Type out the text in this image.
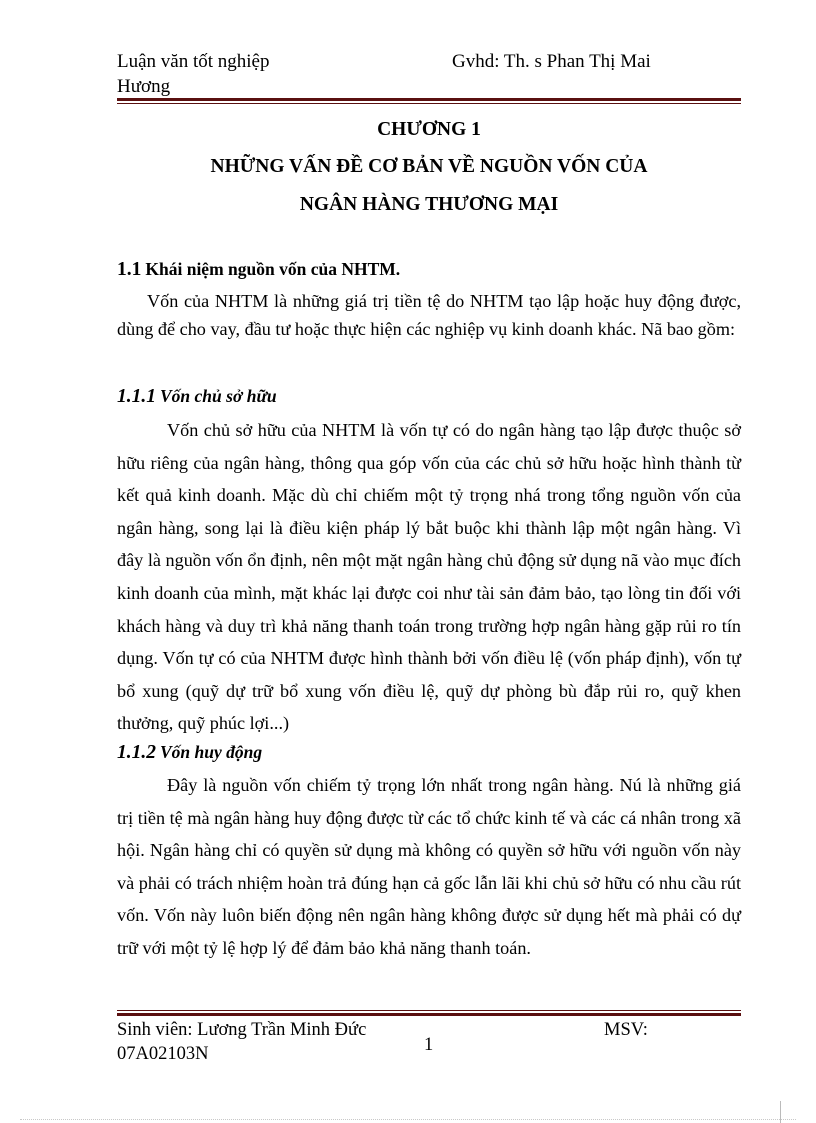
Luận văn tốt nghiệp	Gvhd: Th. s Phan Thị Mai
Hương
CHƯƠNG 1
NHỮNG VẤN ĐỀ CƠ BẢN VỀ NGUỒN VỐN CỦA
NGÂN HÀNG THƯƠNG MẠI
1.1 Khái niệm nguồn vốn của NHTM.

Vốn của NHTM là những giá trị tiền tệ do NHTM tạo lập hoặc huy động được, dùng để cho vay, đầu tư hoặc thực hiện các nghiệp vụ kinh doanh khác. Nã bao gồm:

1.1.1 Vốn chủ sở hữu

Vốn chủ sở hữu của NHTM là vốn tự có do ngân hàng tạo lập được thuộc sở hữu riêng của ngân hàng, thông qua góp vốn của các chủ sở hữu hoặc hình thành từ kết quả kinh doanh. Mặc dù chỉ chiếm một tỷ trọng nhá trong tổng nguồn vốn của ngân hàng, song lại là điều kiện pháp lý bắt buộc khi thành lập một ngân hàng. Vì đây là nguồn vốn ổn định, nên một mặt ngân hàng chủ động sử dụng nã vào mục đích kinh doanh của mình, mặt khác lại được coi như tài sản đảm bảo, tạo lòng tin đối với khách hàng và duy trì khả năng thanh toán trong trường hợp ngân hàng gặp rủi ro tín dụng. Vốn tự có của NHTM được hình thành bởi vốn điều lệ (vốn pháp định), vốn tự bổ xung (quỹ dự trữ bổ xung vốn điều lệ, quỹ dự phòng bù đắp rủi ro, quỹ khen thưởng, quỹ phúc lợi...)

1.1.2 Vốn huy động

Đây là nguồn vốn chiếm tỷ trọng lớn nhất trong ngân hàng. Nú là những giá trị tiền tệ mà ngân hàng huy động được từ các tổ chức kinh tế và các cá nhân trong xã hội. Ngân hàng chỉ có quyền sử dụng mà không có quyền sở hữu với nguồn vốn này và phải có trách nhiệm hoàn trả đúng hạn cả gốc lẫn lãi khi chủ sở hữu có nhu cầu rút vốn. Vốn này luôn biến động nên ngân hàng không được sử dụng hết mà phải có dự trữ với một tỷ lệ hợp lý để đảm bảo khả năng thanh toán.

Sinh viên: Lương Trần Minh Đức	MSV:
1
07A02103N
